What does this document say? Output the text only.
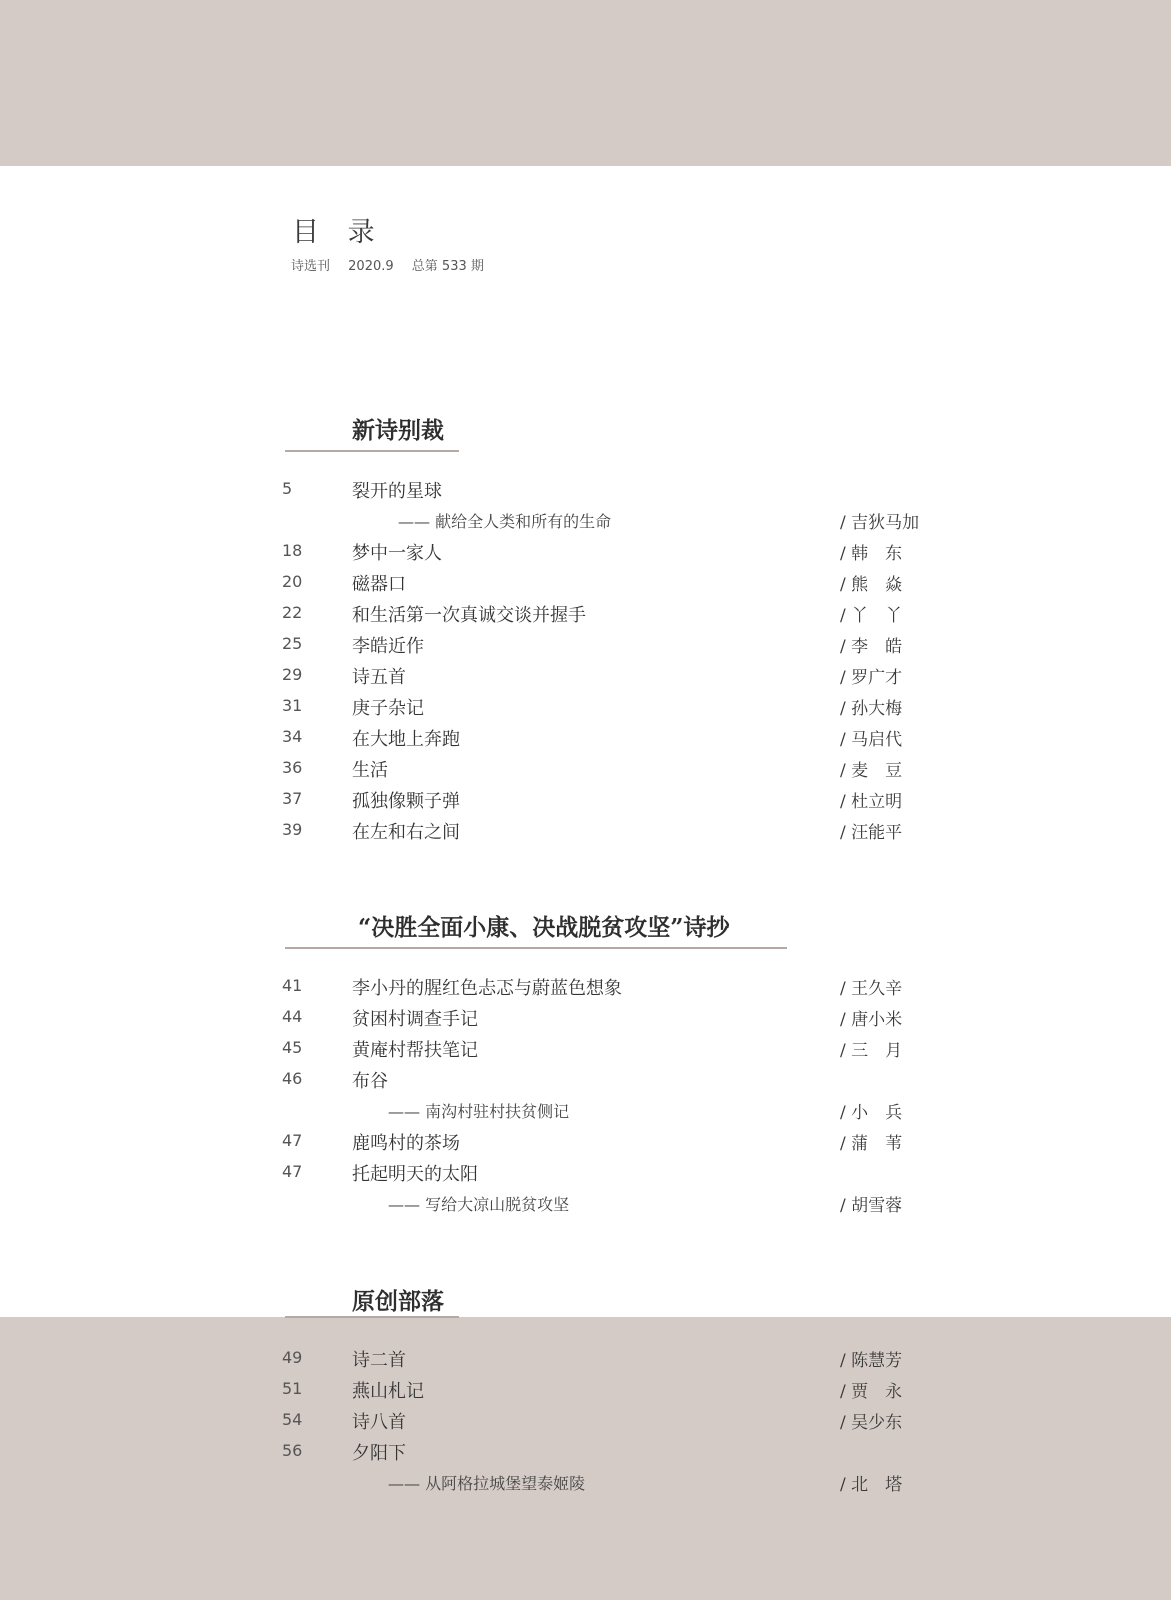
目 录
诗选刊 2020.9 总第 533 期
新诗别裁
5	裂开的星球
—— 献给全人类和所有的生命	/ 吉狄马加
18	梦中一家人	/ 韩　东
20	磁器口	/ 熊　焱
22	和生活第一次真诚交谈并握手	/ 丫　丫
25	李皓近作	/ 李　皓
29	诗五首	/ 罗广才
31	庚子杂记	/ 孙大梅
34	在大地上奔跑	/ 马启代
36	生活	/ 麦　豆
37	孤独像颗子弹	/ 杜立明
39	在左和右之间	/ 汪能平
“决胜全面小康、决战脱贫攻坚”诗抄
41	李小丹的腥红色忐忑与蔚蓝色想象	/ 王久辛
44	贫困村调查手记	/ 唐小米
45	黄庵村帮扶笔记	/ 三　月
46	布谷
—— 南沟村驻村扶贫侧记	/ 小　兵
47	鹿鸣村的茶场	/ 蒲　苇
47	托起明天的太阳
—— 写给大凉山脱贫攻坚	/ 胡雪蓉
原创部落
49	诗二首	/ 陈慧芳
51	燕山札记	/ 贾　永
54	诗八首	/ 吴少东
56	夕阳下
—— 从阿格拉城堡望泰姬陵	/ 北　塔
